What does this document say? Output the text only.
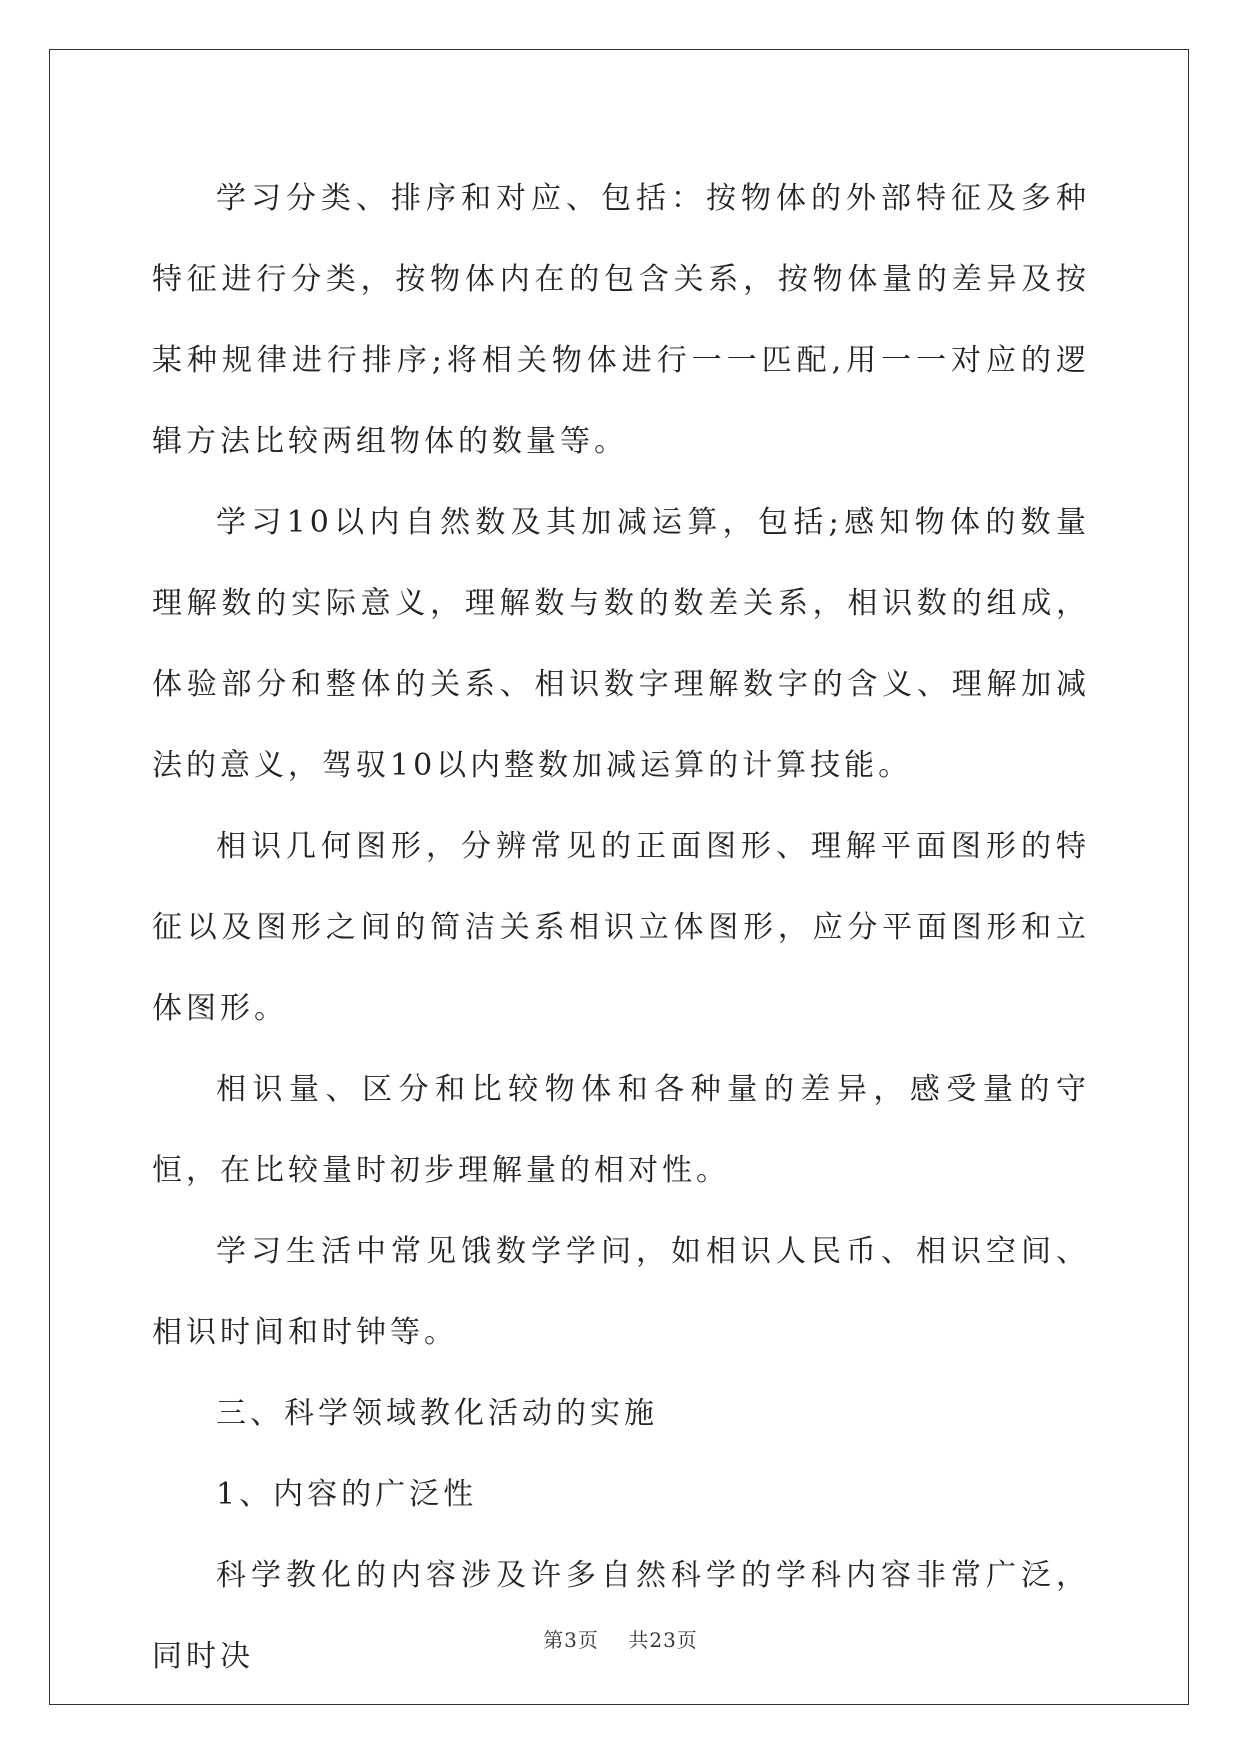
学习分类、排序和对应、包括：按物体的外部特征及多种特征进行分类，按物体内在的包含关系，按物体量的差异及按某种规律进行排序;将相关物体进行一一匹配,用一一对应的逻辑方法比较两组物体的数量等。

学习10以内自然数及其加减运算，包括;感知物体的数量理解数的实际意义，理解数与数的数差关系，相识数的组成，体验部分和整体的关系、相识数字理解数字的含义、理解加减法的意义，驾驭10以内整数加减运算的计算技能。

相识几何图形，分辨常见的正面图形、理解平面图形的特征以及图形之间的简洁关系相识立体图形，应分平面图形和立体图形。

相识量、区分和比较物体和各种量的差异，感受量的守恒，在比较量时初步理解量的相对性。

学习生活中常见饿数学学问，如相识人民币、相识空间、相识时间和时钟等。

三、科学领域教化活动的实施

1、内容的广泛性

科学教化的内容涉及许多自然科学的学科内容非常广泛，同时决	第3页 共23页
